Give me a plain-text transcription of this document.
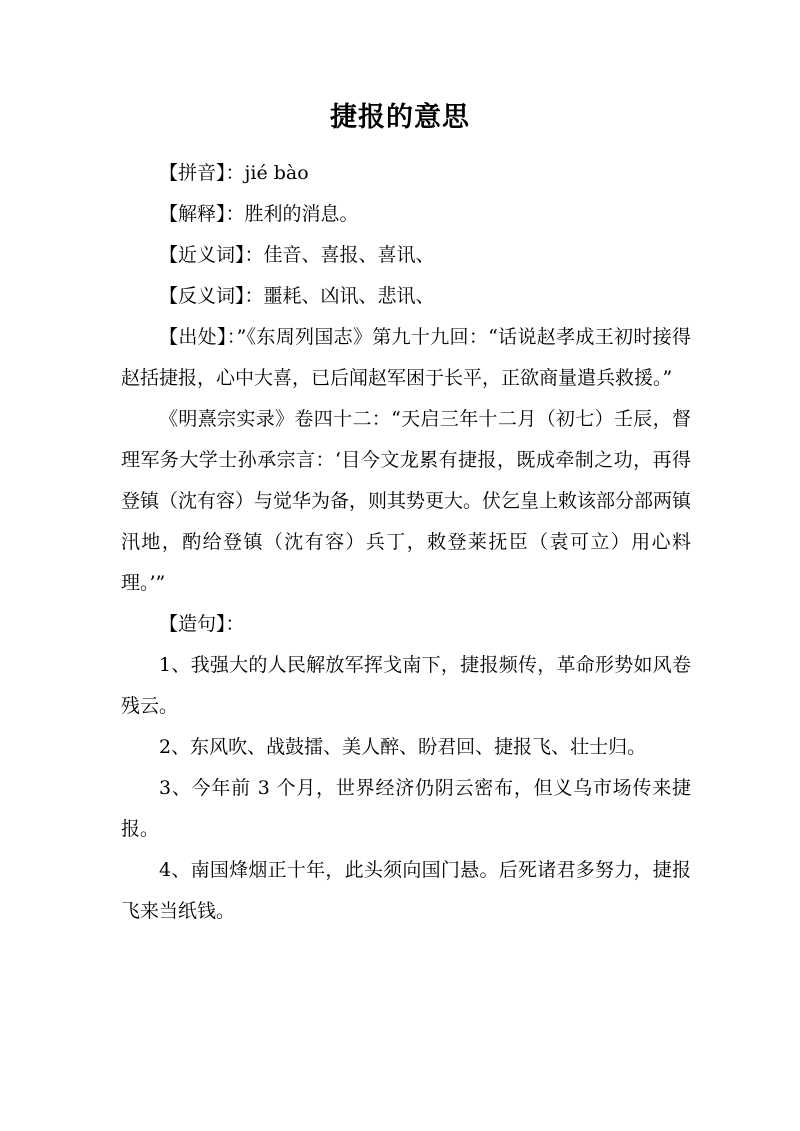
捷报的意思

【拼音】：jié bào

【解释】：胜利的消息。

【近义词】：佳音、喜报、喜讯、

【反义词】：噩耗、凶讯、悲讯、

【出处】：”《东周列国志》第九十九回：“话说赵孝成王初时接得赵括捷报，心中大喜，已后闻赵军困于长平，正欲商量遣兵救援。”

《明熹宗实录》卷四十二：“天启三年十二月（初七）壬辰，督理军务大学士孙承宗言：‘目今文龙累有捷报，既成牵制之功，再得登镇（沈有容）与觉华为备，则其势更大。伏乞皇上敕该部分部两镇汛地，酌给登镇（沈有容）兵丁，敕登莱抚臣（袁可立）用心料理。’”

【造句】：

1、我强大的人民解放军挥戈南下，捷报频传，革命形势如风卷残云。

2、东风吹、战鼓擂、美人醉、盼君回、捷报飞、壮士归。

3、今年前 3 个月，世界经济仍阴云密布，但义乌市场传来捷报。

4、南国烽烟正十年，此头须向国门悬。后死诸君多努力，捷报飞来当纸钱。
